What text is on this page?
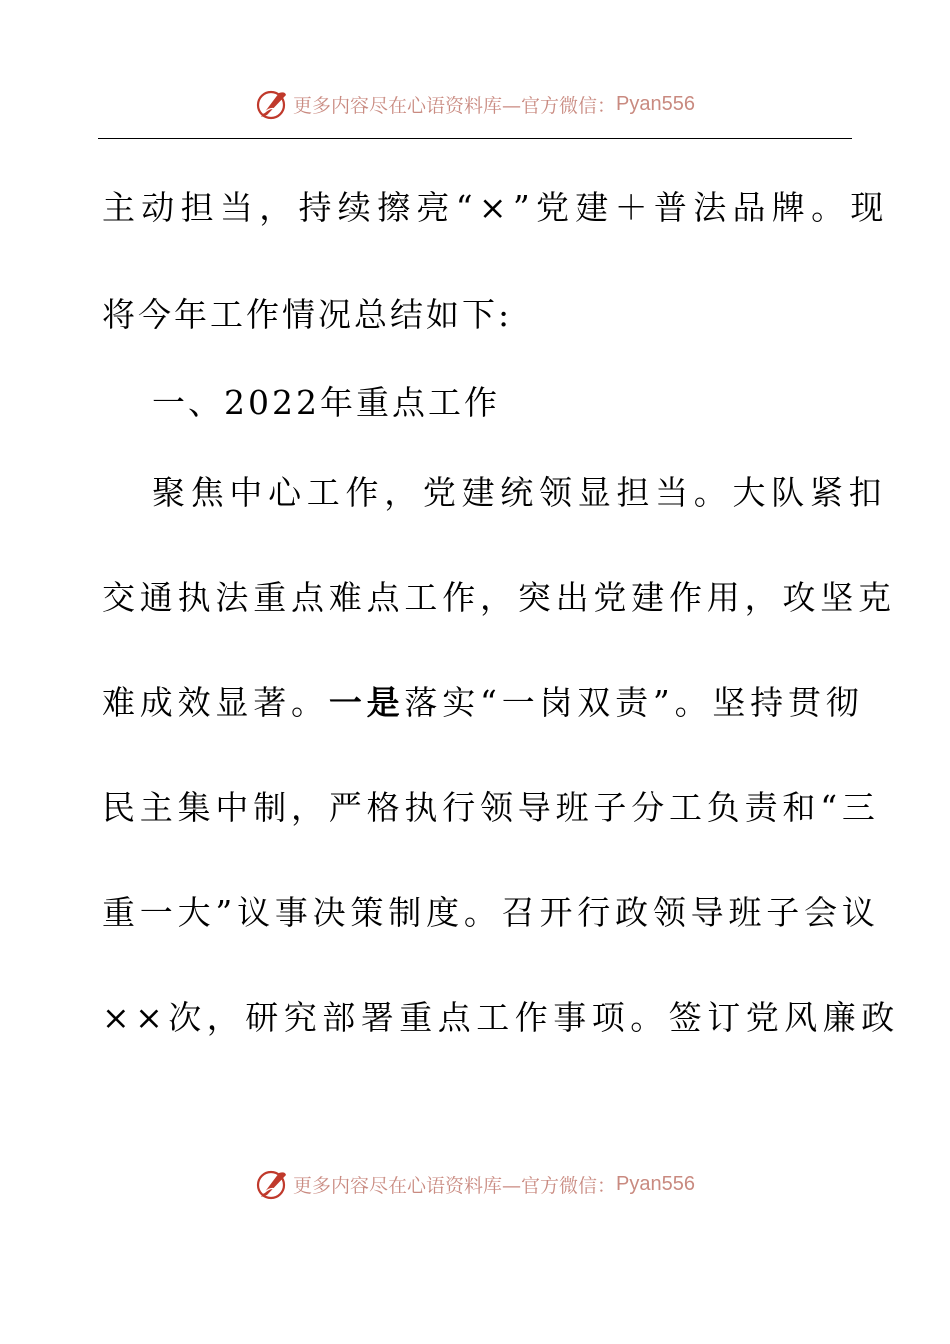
更多内容尽在心语资料库—官方微信： Pyan556
主动担当，持续擦亮“×”党建＋普法品牌。现
将今年工作情况总结如下:
一、2022年重点工作
聚焦中心工作，党建统领显担当。大队紧扣
交通执法重点难点工作，突出党建作用，攻坚克
难成效显著。 一是 落实“一岗双责”。坚持贯彻
民主集中制，严格执行领导班子分工负责和“三
重一大”议事决策制度。召开行政领导班子会议
××次，研究部署重点工作事项。签订党风廉政
更多内容尽在心语资料库—官方微信： Pyan556
